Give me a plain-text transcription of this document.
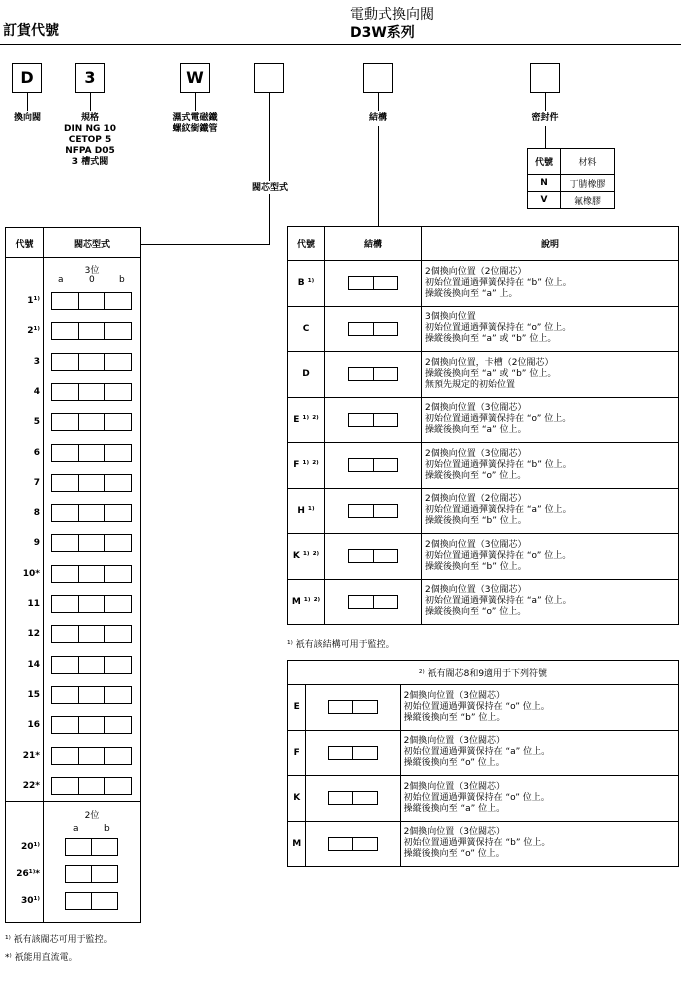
訂貨代號
電動式換向閥
D3W系列
D	3	W
換向閥	規格
DIN NG 10
CETOP 5
NFPA D05
3 槽式閥
濕式電磁鐵
螺紋銜鐵管
閥芯型式
結構	密封件
代號	材料
N	丁腈橡膠
V	氟橡膠
代號	閥芯型式
3位
a	0	b
1¹⁾
2¹⁾
3
4
5
6
7
8
9
10*
11
12
14
15
16
21*
22*
2位
a	b
20¹⁾
26¹⁾*
30¹⁾
代號	結構	說明
B ¹⁾		2個換向位置（2位閥芯）
初始位置通過彈簧保持在 “b” 位上。
操縱後換向至 “a” 上。

C		3個換向位置
初始位置通過彈簧保持在 “o” 位上。
操縱後換向至 “a” 或 “b” 位上。

D		2個換向位置，卡槽（2位閥芯）
操縱後換向至 “a” 或 “b” 位上。
無預先規定的初始位置

E ¹⁾ ²⁾		2個換向位置（3位閥芯）
初始位置通過彈簧保持在 “o” 位上。
操縱後換向至 “a” 位上。

F ¹⁾ ²⁾		2個換向位置（3位閥芯）
初始位置通過彈簧保持在 “b” 位上。
操縱後換向至 “o” 位上。

H ¹⁾		2個換向位置（2位閥芯）
初始位置通過彈簧保持在 “a” 位上。
操縱後換向至 “b” 位上。

K ¹⁾ ²⁾		2個換向位置（3位閥芯）
初始位置通過彈簧保持在 “o” 位上。
操縱後換向至 “b” 位上。

M ¹⁾ ²⁾		2個換向位置（3位閥芯）
初始位置通過彈簧保持在 “a” 位上。
操縱後換向至 “o” 位上。
¹⁾ 祇有該結構可用于監控。
²⁾ 祇有閥芯8和9適用于下列符號		
E		2個換向位置（3位閥芯）
初始位置通過彈簧保持在 “o” 位上。
操縱後換向至 “b” 位上。

F		2個換向位置（3位閥芯）
初始位置通過彈簧保持在 “a” 位上。
操縱後換向至 “o” 位上。

K		2個換向位置（3位閥芯）
初始位置通過彈簧保持在 “o” 位上。
操縱後換向至 “a” 位上。

M		2個換向位置（3位閥芯）
初始位置通過彈簧保持在 “b” 位上。
操縱後換向至 “o” 位上。
¹⁾ 祇有該閥芯可用于監控。
*⁾ 祇能用直流電。
